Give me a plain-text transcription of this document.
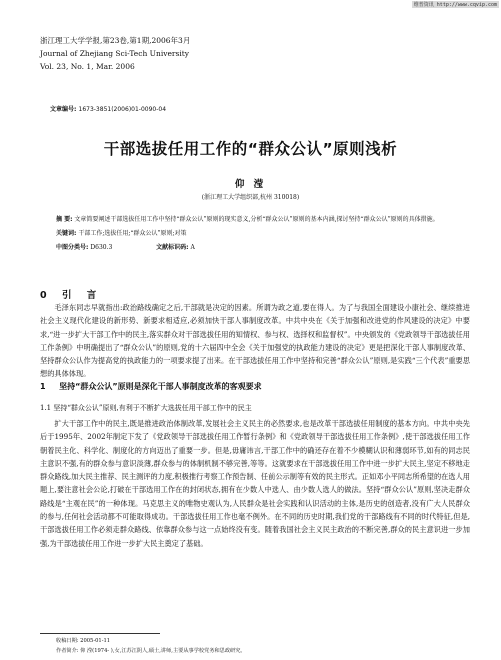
维普资讯 http://www.cqvip.com
浙江理工大学学报,第23卷,第1期,2006年3月
Journal of Zhejiang Sci-Tech University
Vol. 23, No. 1, Mar. 2006
文章编号: 1673-3851(2006)01-0090-04
干部选拔任用工作的“群众公认”原则浅析
仰 滢
(浙江理工大学组织部,杭州 310018)
摘 要: 文章简要阐述干部选拔任用工作中坚持“群众公认”原则的现实意义,分析“群众公认”原则的基本内涵,探讨坚持“群众公认”原则的具体措施。
关键词: 干部工作;选拔任用;“群众公认”原则;对策
中图分类号: D630.3	文献标识码: A
0 引 言

毛泽东同志早就指出:政治路线确定之后,干部就是决定的因素。所谓为政之道,要在得人。为了与我国全面建设小康社会、继续推进社会主义现代化建设的新形势、新要求相适应,必须加快干部人事制度改革。中共中央在《关于加强和改进党的作风建设的决定》中要求,“进一步扩大干部工作中的民主,落实群众对干部选拔任用的知情权、参与权、选择权和监督权”。中央颁发的《党政领导干部选拔任用工作条例》中明确提出了“群众公认”的原则,党的十六届四中全会《关于加强党的执政能力建设的决定》更是把深化干部人事制度改革、坚持群众公认作为提高党的执政能力的一项要求提了出来。在干部选拔任用工作中坚持和完善“群众公认”原则,是实践“三个代表”重要思想的具体体现。

1 坚持“群众公认”原则是深化干部人事制度改革的客观要求
1.1 坚持“群众公认”原则,有利于不断扩大选拔任用干部工作中的民主

扩大干部工作中的民主,既是推进政治体制改革,发展社会主义民主的必然要求,也是改革干部选拔任用制度的基本方向。中共中央先后于1995年、2002年制定下发了《党政领导干部选拔任用工作暂行条例》和《党政领导干部选拔任用工作条例》,使干部选拔任用工作朝着民主化、科学化、制度化的方向迈出了重要一步。但是,毋庸讳言,干部工作中的确还存在着不少模糊认识和薄弱环节,如有的同志民主意识不强,有的群众参与意识淡薄,群众参与的体制机制不够完善,等等。这就要求在干部选拔任用工作中进一步扩大民主,坚定不移地走群众路线,加大民主推荐、民主测评的力度,积极推行考察工作预告制、任前公示制等有效的民主形式。正如邓小平同志所希望的在选人用题上,要注意社会公论,打破在干部选用工作在的封闭状态,拥有在少数人中选人、由少数人选人的做法。坚持“群众公认”原则,坚决走群众路线是“主观在民”的一种体现。马克思主义的唯物史观认为,人民群众是社会实践和认识活动的主体,是历史的创造者,没有广大人民群众的参与,任何社会活动都不可能取得成功。干部选拔任用工作也毫不例外。在不同的历史时期,我们党的干部路线有不同的时代特征,但是,干部选拔任用工作必须走群众路线、依靠群众参与这一点始终没有变。随着我国社会主义民主政治的不断完善,群众的民主意识进一步加强,为干部选拔任用工作进一步扩大民主奠定了基础。

收稿日期: 2005-01-11
作者简介: 仰 滢(1974- ),女,江苏江阴人,硕士,讲师,主要从事学校党务和思政研究。
